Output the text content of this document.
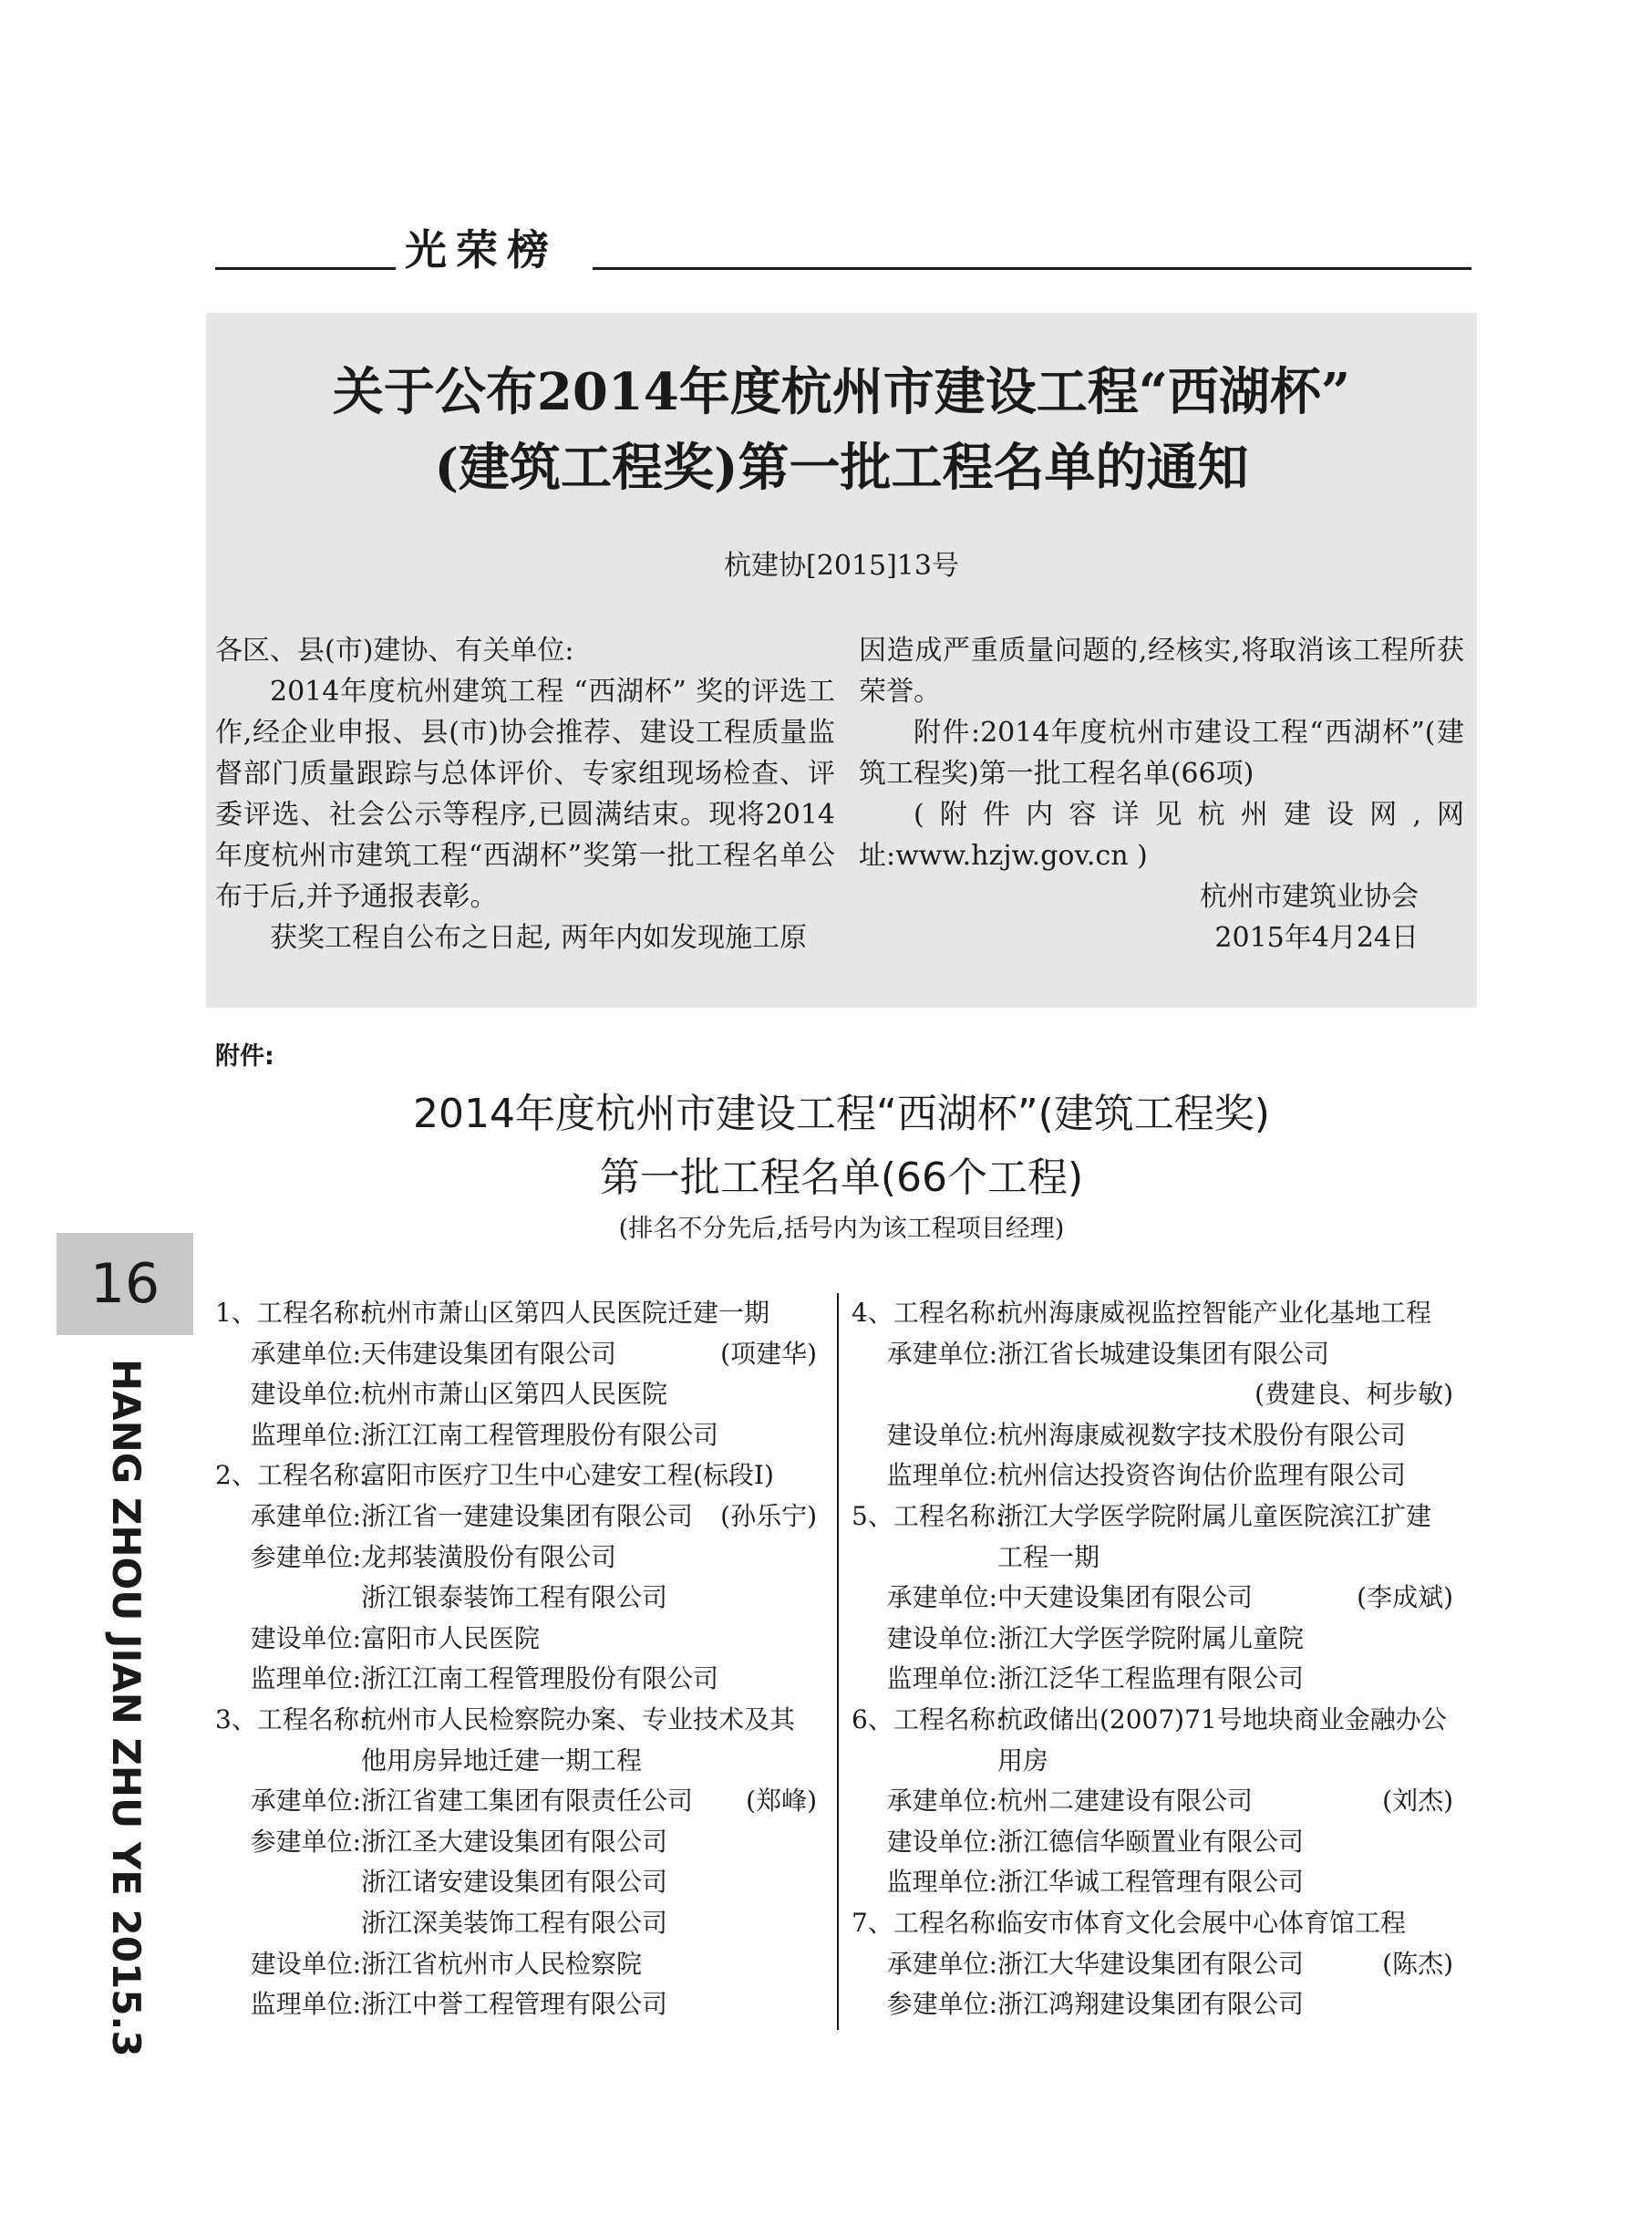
光荣榜
关于公布2014年度杭州市建设工程“西湖杯”
(建筑工程奖)第一批工程名单的通知
杭建协[2015]13号

各区、县(市)建协、有关单位:

2014年度杭州建筑工程 “西湖杯” 奖的评选工作,经企业申报、县(市)协会推荐、建设工程质量监督部门质量跟踪与总体评价、专家组现场检查、评委评选、社会公示等程序,已圆满结束。现将2014年度杭州市建筑工程“西湖杯”奖第一批工程名单公布于后,并予通报表彰。

获奖工程自公布之日起, 两年内如发现施工原

因造成严重质量问题的,经核实,将取消该工程所获荣誉。

附件:2014年度杭州市建设工程“西湖杯”(建筑工程奖)第一批工程名单(66项)

(附件内容详见杭州建设网,网址:www.hzjw.gov.cn )

杭州市建筑业协会

2015年4月24日

附件:
2014年度杭州市建设工程“西湖杯”(建筑工程奖)
第一批工程名单(66个工程)
(排名不分先后,括号内为该工程项目经理)
16
HANG ZHOU JIAN ZHU YE 2015.3
1、工程名称:
杭州市萧山区第四人民医院迁建一期
承建单位: 天伟建设集团有限公司	(项建华)
建设单位: 杭州市萧山区第四人民医院
监理单位: 浙江江南工程管理股份有限公司
2、工程名称:
富阳市医疗卫生中心建安工程(标段Ⅰ)
承建单位: 浙江省一建建设集团有限公司 (孙乐宁)
参建单位: 龙邦装潢股份有限公司
浙江银泰装饰工程有限公司
建设单位: 富阳市人民医院
监理单位: 浙江江南工程管理股份有限公司
3、工程名称:
杭州市人民检察院办案、专业技术及其
他用房异地迁建一期工程
承建单位: 浙江省建工集团有限责任公司 (郑峰)
参建单位: 浙江圣大建设集团有限公司
浙江诸安建设集团有限公司
浙江深美装饰工程有限公司
建设单位: 浙江省杭州市人民检察院
监理单位: 浙江中誉工程管理有限公司
4、工程名称:
杭州海康威视监控智能产业化基地工程
承建单位: 浙江省长城建设集团有限公司
(费建良、柯步敏)
建设单位: 杭州海康威视数字技术股份有限公司
监理单位: 杭州信达投资咨询估价监理有限公司
5、工程名称:
浙江大学医学院附属儿童医院滨江扩建
工程一期
承建单位: 中天建设集团有限公司	(李成斌)
建设单位: 浙江大学医学院附属儿童院
监理单位: 浙江泛华工程监理有限公司
6、工程名称:
杭政储出(2007)71号地块商业金融办公
用房
承建单位: 杭州二建建设有限公司	(刘杰)
建设单位: 浙江德信华颐置业有限公司
监理单位: 浙江华诚工程管理有限公司
7、工程名称:
临安市体育文化会展中心体育馆工程
承建单位: 浙江大华建设集团有限公司	(陈杰)
参建单位: 浙江鸿翔建设集团有限公司
